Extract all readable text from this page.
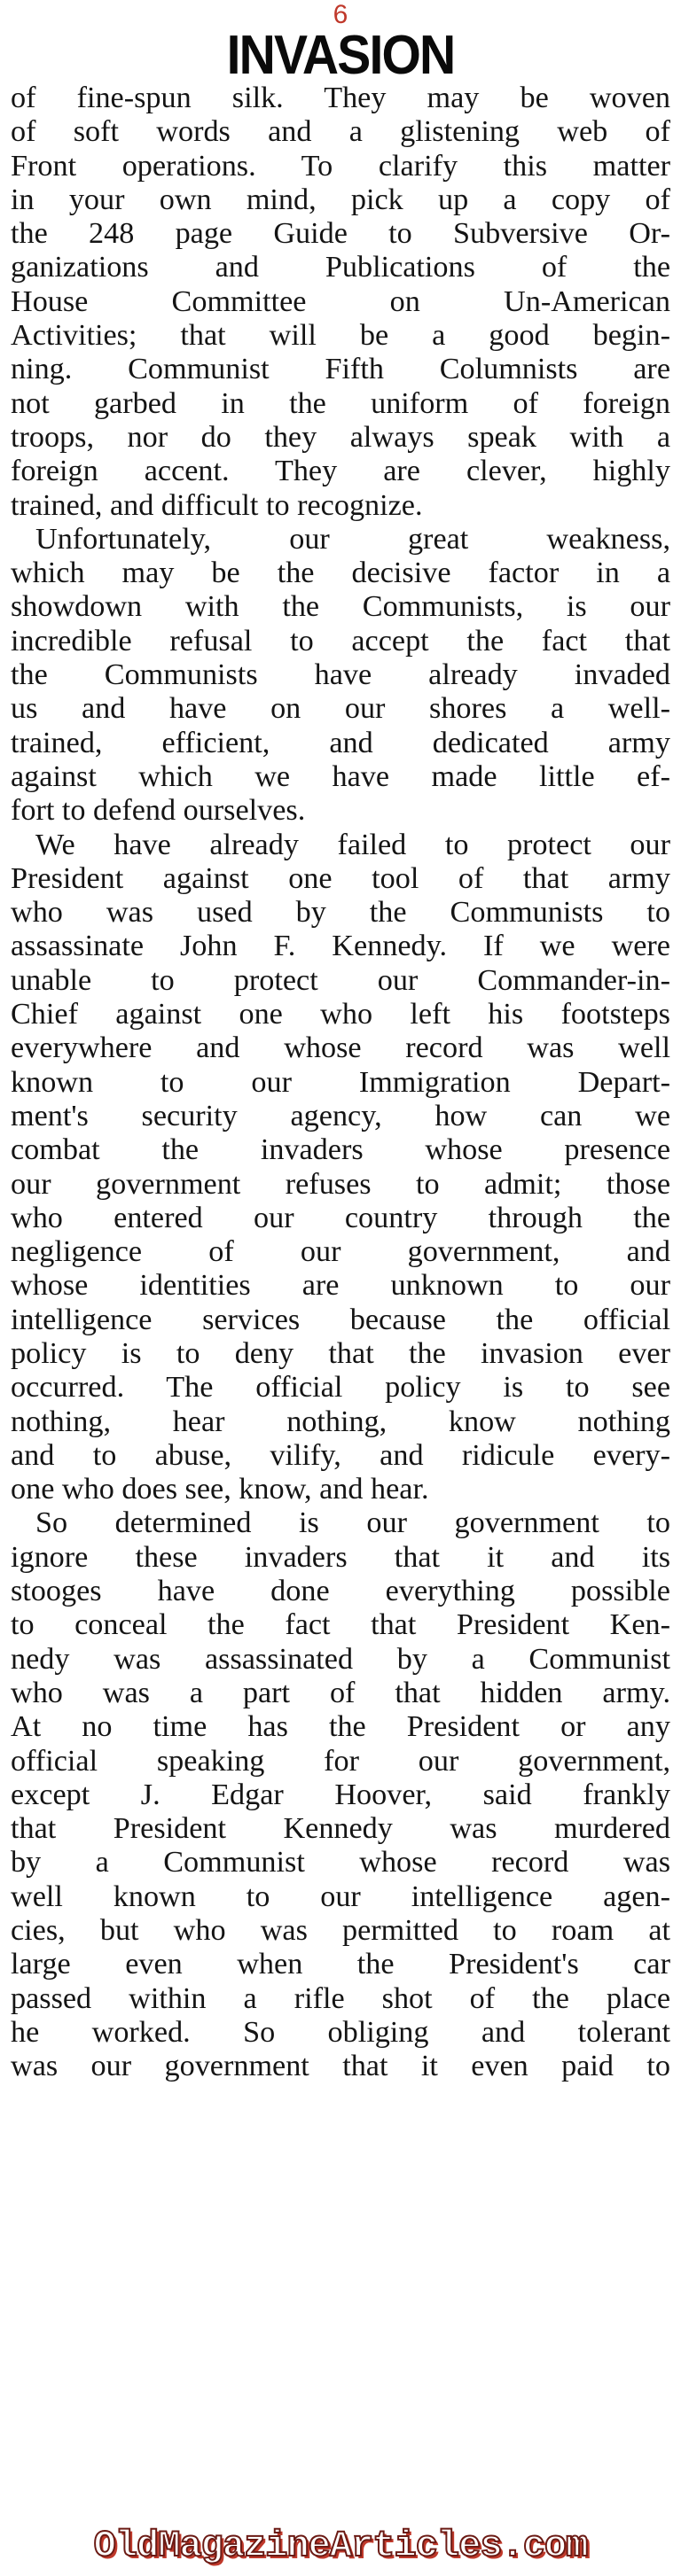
6
INVASION
of fine-spun silk. They may be woven
of soft words and a glistening web of
Front operations. To clarify this matter
in your own mind, pick up a copy of
the 248 page Guide to Subversive Or-
ganizations and Publications of the
House Committee on Un-American
Activities; that will be a good begin-
ning. Communist Fifth Columnists are
not garbed in the uniform of foreign
troops, nor do they always speak with a
foreign accent. They are clever, highly
trained, and difficult to recognize.
Unfortunately, our great weakness,
which may be the decisive factor in a
showdown with the Communists, is our
incredible refusal to accept the fact that
the Communists have already invaded
us and have on our shores a well-
trained, efficient, and dedicated army
against which we have made little ef-
fort to defend ourselves.
We have already failed to protect our
President against one tool of that army
who was used by the Communists to
assassinate John F. Kennedy. If we were
unable to protect our Commander-in-
Chief against one who left his footsteps
everywhere and whose record was well
known to our Immigration Depart-
ment's security agency, how can we
combat the invaders whose presence
our government refuses to admit; those
who entered our country through the
negligence of our government, and
whose identities are unknown to our
intelligence services because the official
policy is to deny that the invasion ever
occurred. The official policy is to see
nothing, hear nothing, know nothing
and to abuse, vilify, and ridicule every-
one who does see, know, and hear.
So determined is our government to
ignore these invaders that it and its
stooges have done everything possible
to conceal the fact that President Ken-
nedy was assassinated by a Communist
who was a part of that hidden army.
At no time has the President or any
official speaking for our government,
except J. Edgar Hoover, said frankly
that President Kennedy was murdered
by a Communist whose record was
well known to our intelligence agen-
cies, but who was permitted to roam at
large even when the President's car
passed within a rifle shot of the place
he worked. So obliging and tolerant
was our government that it even paid to
OldMagazineArticles.com
